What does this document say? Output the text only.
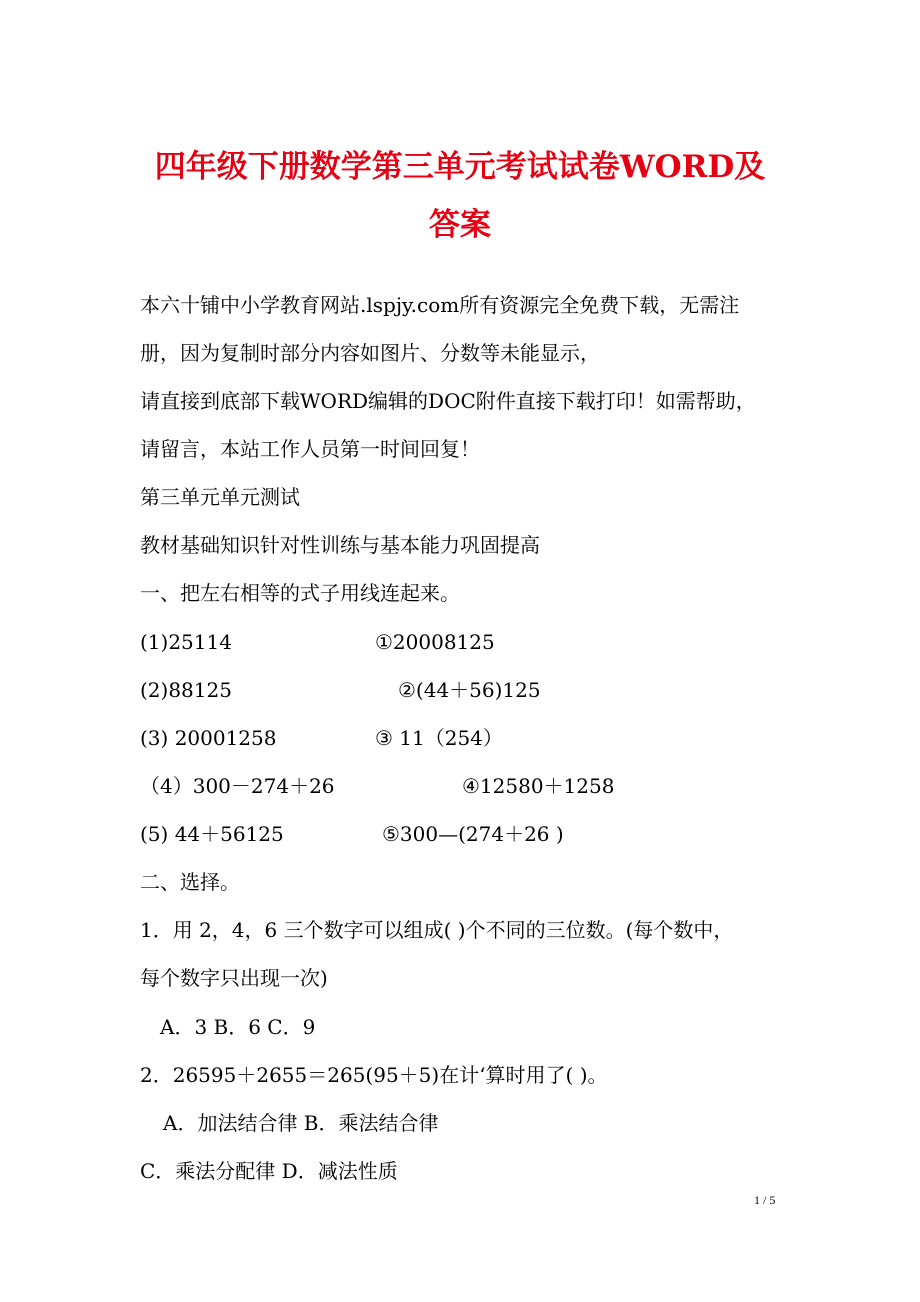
四年级下册数学第三单元考试试卷WORD及
答案
本六十铺中小学教育网站.lspjy.com所有资源完全免费下载，无需注
册，因为复制时部分内容如图片、分数等未能显示，
请直接到底部下载WORD编辑的DOC附件直接下载打印！如需帮助，
请留言，本站工作人员第一时间回复！
第三单元单元测试
教材基础知识针对性训练与基本能力巩固提高
一、把左右相等的式子用线连起来。
(1)25114	①20008125
(2)88125	②(44＋56)125
(3) 20001258	③ 11（254）
（4）300－274＋26	④12580＋1258
(5) 44＋56125	⑤300—(274＋26 )
二、选择。
1．用 2，4，6 三个数字可以组成( )个不同的三位数。(每个数中，
每个数字只出现一次)
A．3 B．6 C．9
2．26595＋2655＝265(95＋5)在计‘算时用了( )。
A．加法结合律 B．乘法结合律
C．乘法分配律 D．减法性质
1 / 5
